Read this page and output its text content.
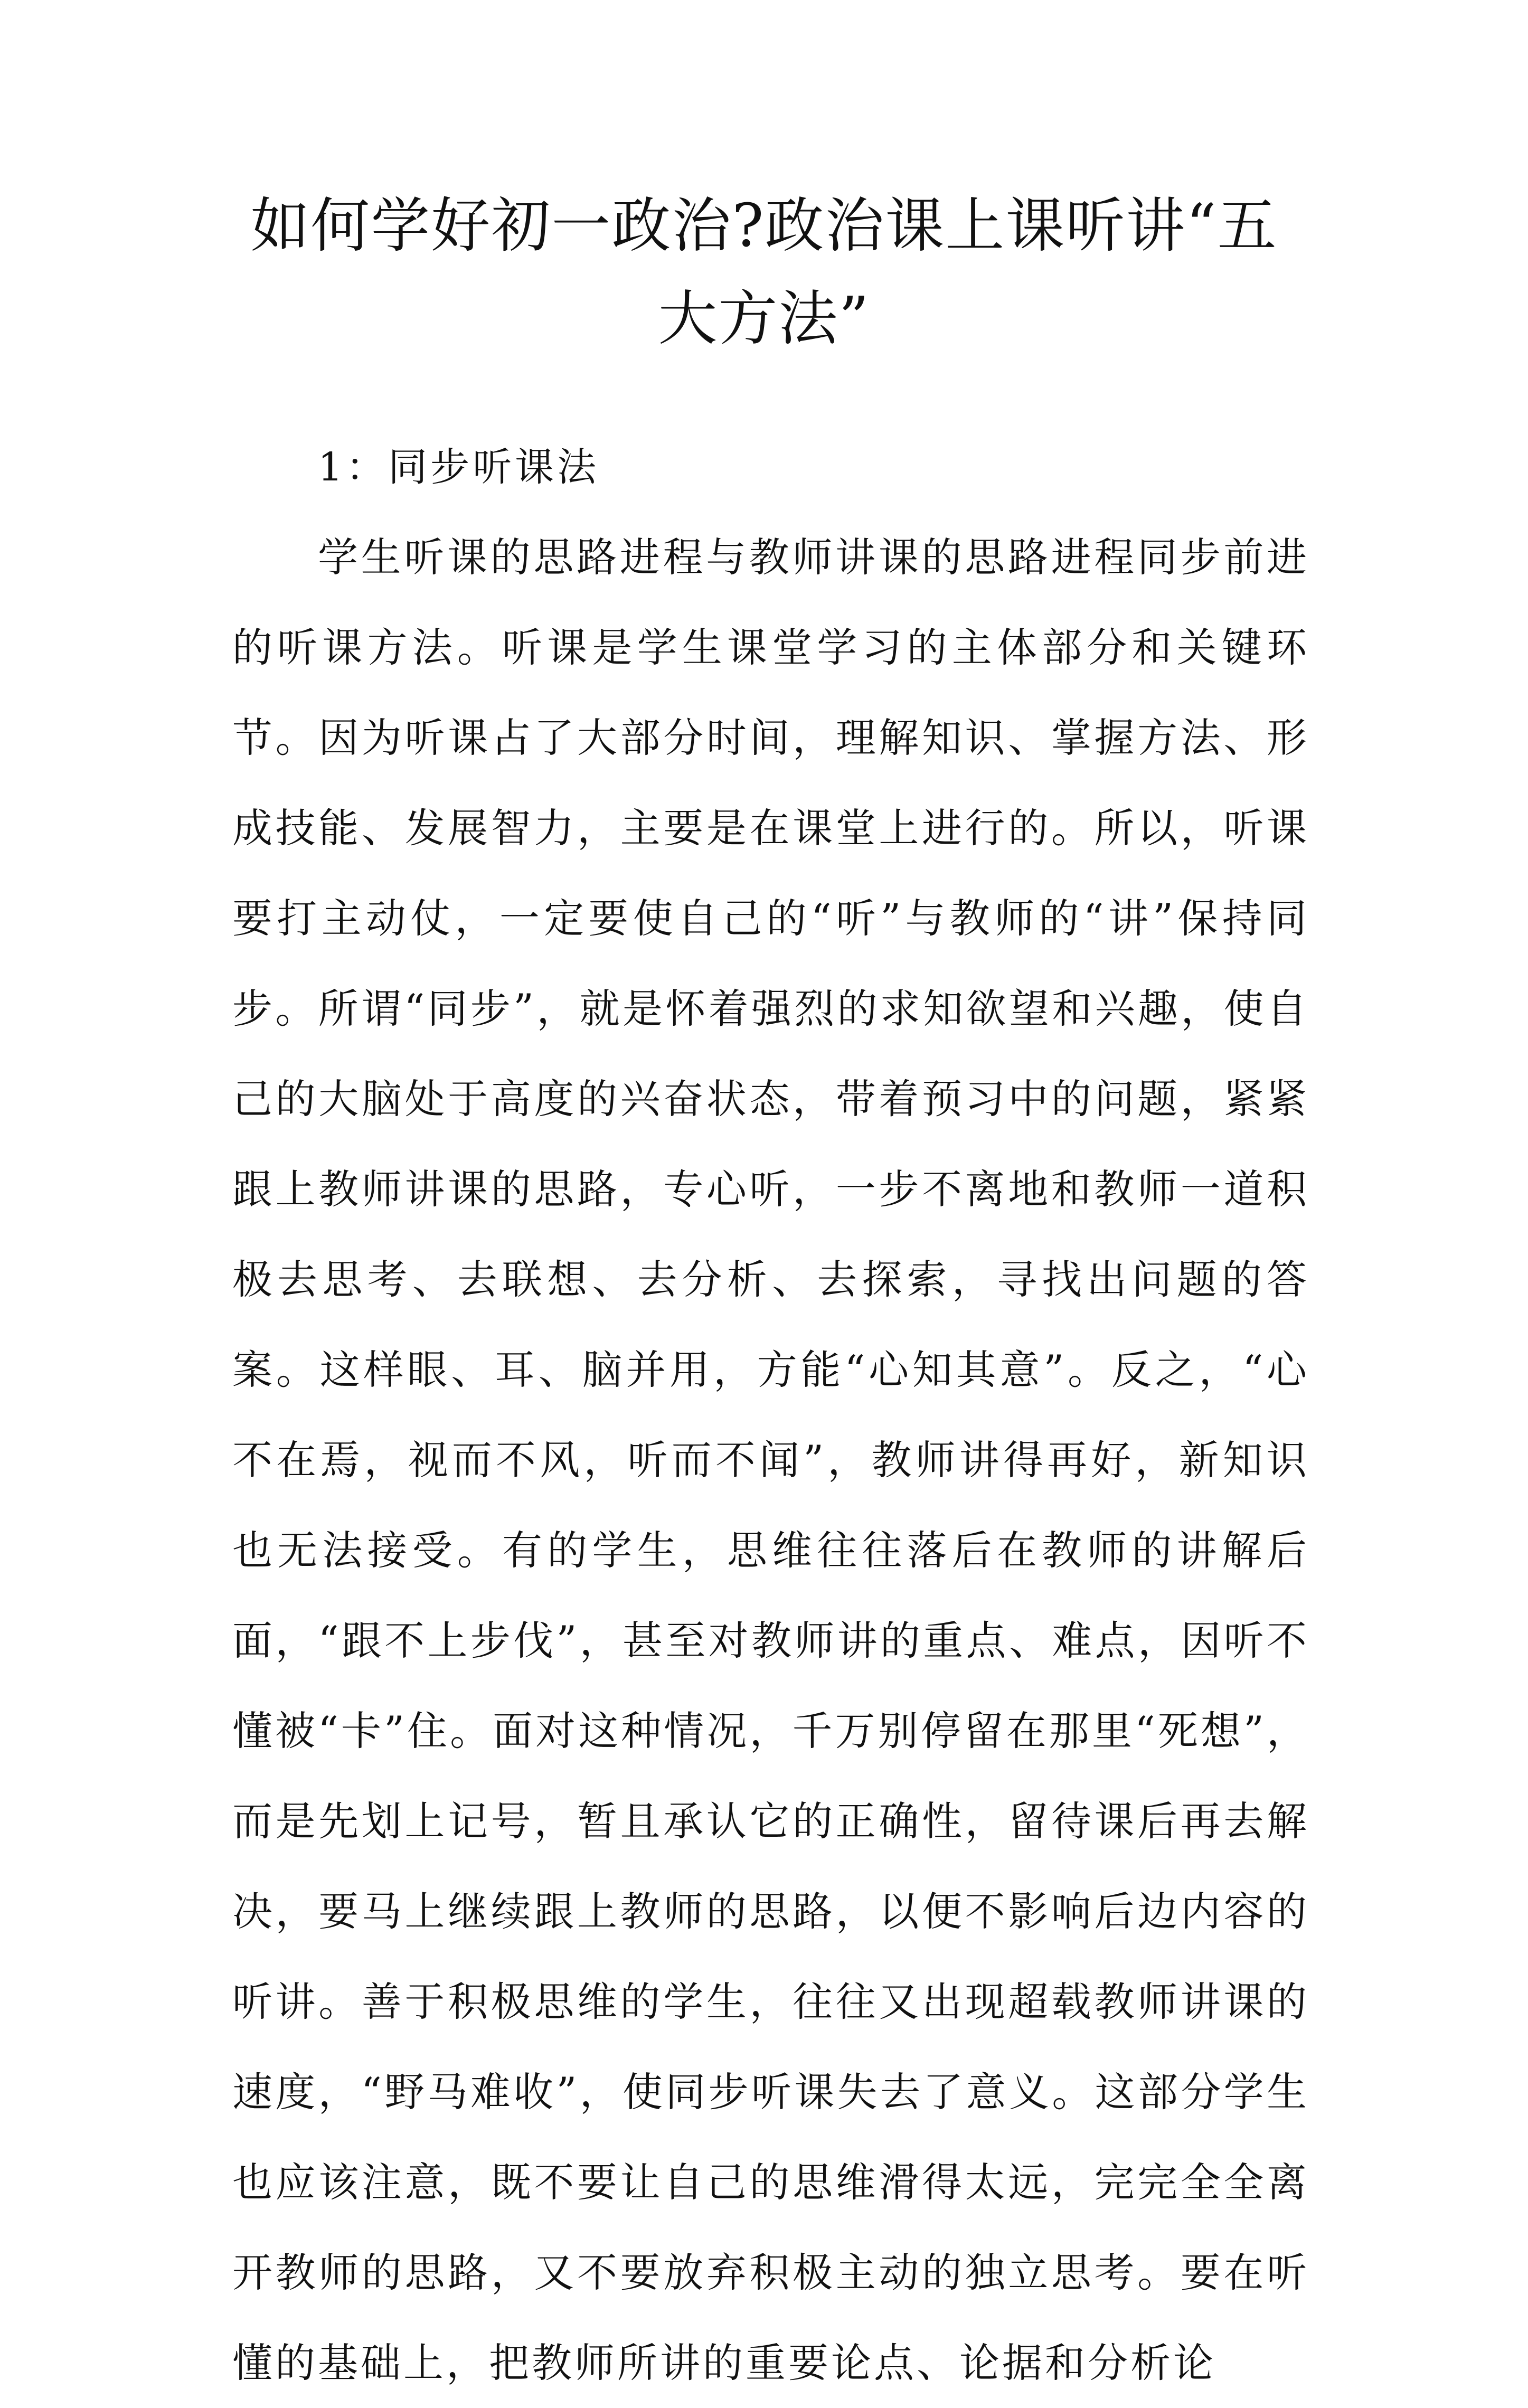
如何学好初一政治?政治课上课听讲“五大方法”

1：同步听课法

学生听课的思路进程与教师讲课的思路进程同步前进的听课方法。听课是学生课堂学习的主体部分和关键环节。因为听课占了大部分时间，理解知识、掌握方法、形成技能、发展智力，主要是在课堂上进行的。所以，听课要打主动仗，一定要使自己的“听”与教师的“讲”保持同步。所谓“同步”，就是怀着强烈的求知欲望和兴趣，使自己的大脑处于高度的兴奋状态，带着预习中的问题，紧紧跟上教师讲课的思路，专心听，一步不离地和教师一道积极去思考、去联想、去分析、去探索，寻找出问题的答案。这样眼、耳、脑并用，方能“心知其意”。反之，“心不在焉，视而不风，听而不闻”，教师讲得再好，新知识也无法接受。有的学生，思维往往落后在教师的讲解后面，“跟不上步伐”，甚至对教师讲的重点、难点，因听不懂被“卡”住。面对这种情况，千万别停留在那里“死想”，而是先划上记号，暂且承认它的正确性，留待课后再去解决，要马上继续跟上教师的思路，以便不影响后边内容的听讲。善于积极思维的学生，往往又出现超载教师讲课的速度，“野马难收”，使同步听课失去了意义。这部分学生也应该注意，既不要让自己的思维滑得太远，完完全全离开教师的思路，又不要放弃积极主动的独立思考。要在听懂的基础上，把教师所讲的重要论点、论据和分析论
